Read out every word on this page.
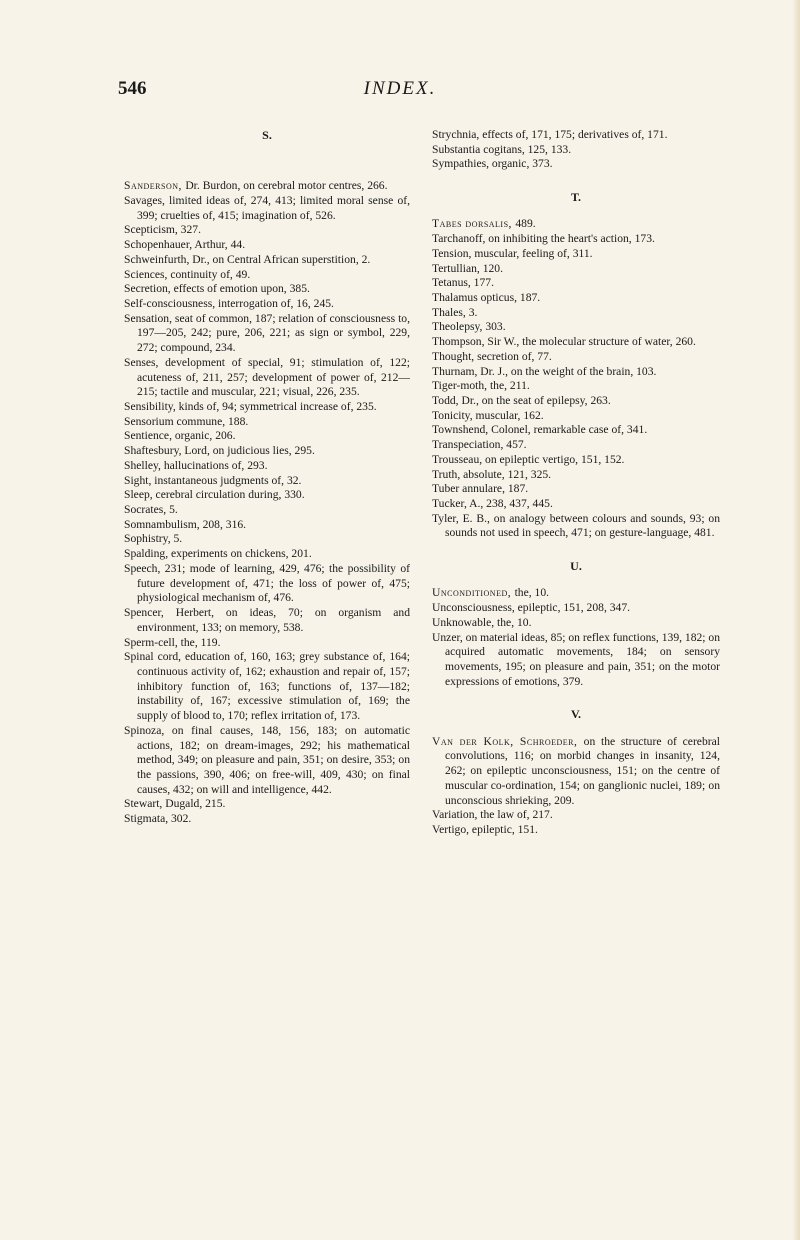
546	INDEX.

S.

Sanderson, Dr. Burdon, on cerebral motor centres, 266.

Savages, limited ideas of, 274, 413; limited moral sense of, 399; cruelties of, 415; imagination of, 526.

Scepticism, 327.

Schopenhauer, Arthur, 44.

Schweinfurth, Dr., on Central African superstition, 2.

Sciences, continuity of, 49.

Secretion, effects of emotion upon, 385.

Self-consciousness, interrogation of, 16, 245.

Sensation, seat of common, 187; relation of consciousness to, 197—205, 242; pure, 206, 221; as sign or symbol, 229, 272; compound, 234.

Senses, development of special, 91; stimulation of, 122; acuteness of, 211, 257; development of power of, 212—215; tactile and muscular, 221; visual, 226, 235.

Sensibility, kinds of, 94; symmetrical increase of, 235.

Sensorium commune, 188.

Sentience, organic, 206.

Shaftesbury, Lord, on judicious lies, 295.

Shelley, hallucinations of, 293.

Sight, instantaneous judgments of, 32.

Sleep, cerebral circulation during, 330.

Socrates, 5.

Somnambulism, 208, 316.

Sophistry, 5.

Spalding, experiments on chickens, 201.

Speech, 231; mode of learning, 429, 476; the possibility of future development of, 471; the loss of power of, 475; physiological mechanism of, 476.

Spencer, Herbert, on ideas, 70; on organism and environment, 133; on memory, 538.

Sperm-cell, the, 119.

Spinal cord, education of, 160, 163; grey substance of, 164; continuous activity of, 162; exhaustion and repair of, 157; inhibitory function of, 163; functions of, 137—182; instability of, 167; excessive stimulation of, 169; the supply of blood to, 170; reflex irritation of, 173.

Spinoza, on final causes, 148, 156, 183; on automatic actions, 182; on dream-images, 292; his mathematical method, 349; on pleasure and pain, 351; on desire, 353; on the passions, 390, 406; on free-will, 409, 430; on final causes, 432; on will and intelligence, 442.

Stewart, Dugald, 215.

Stigmata, 302.

Strychnia, effects of, 171, 175; derivatives of, 171.

Substantia cogitans, 125, 133.

Sympathies, organic, 373.

T.

Tabes dorsalis, 489.

Tarchanoff, on inhibiting the heart's action, 173.

Tension, muscular, feeling of, 311.

Tertullian, 120.

Tetanus, 177.

Thalamus opticus, 187.

Thales, 3.

Theolepsy, 303.

Thompson, Sir W., the molecular structure of water, 260.

Thought, secretion of, 77.

Thurnam, Dr. J., on the weight of the brain, 103.

Tiger-moth, the, 211.

Todd, Dr., on the seat of epilepsy, 263.

Tonicity, muscular, 162.

Townshend, Colonel, remarkable case of, 341.

Transpeciation, 457.

Trousseau, on epileptic vertigo, 151, 152.

Truth, absolute, 121, 325.

Tuber annulare, 187.

Tucker, A., 238, 437, 445.

Tyler, E. B., on analogy between colours and sounds, 93; on sounds not used in speech, 471; on gesture-language, 481.

U.

Unconditioned, the, 10.

Unconsciousness, epileptic, 151, 208, 347.

Unknowable, the, 10.

Unzer, on material ideas, 85; on reflex functions, 139, 182; on acquired automatic movements, 184; on sensory movements, 195; on pleasure and pain, 351; on the motor expressions of emotions, 379.

V.

Van der Kolk, Schroeder, on the structure of cerebral convolutions, 116; on morbid changes in insanity, 124, 262; on epileptic unconsciousness, 151; on the centre of muscular co-ordination, 154; on ganglionic nuclei, 189; on unconscious shrieking, 209.

Variation, the law of, 217.

Vertigo, epileptic, 151.
